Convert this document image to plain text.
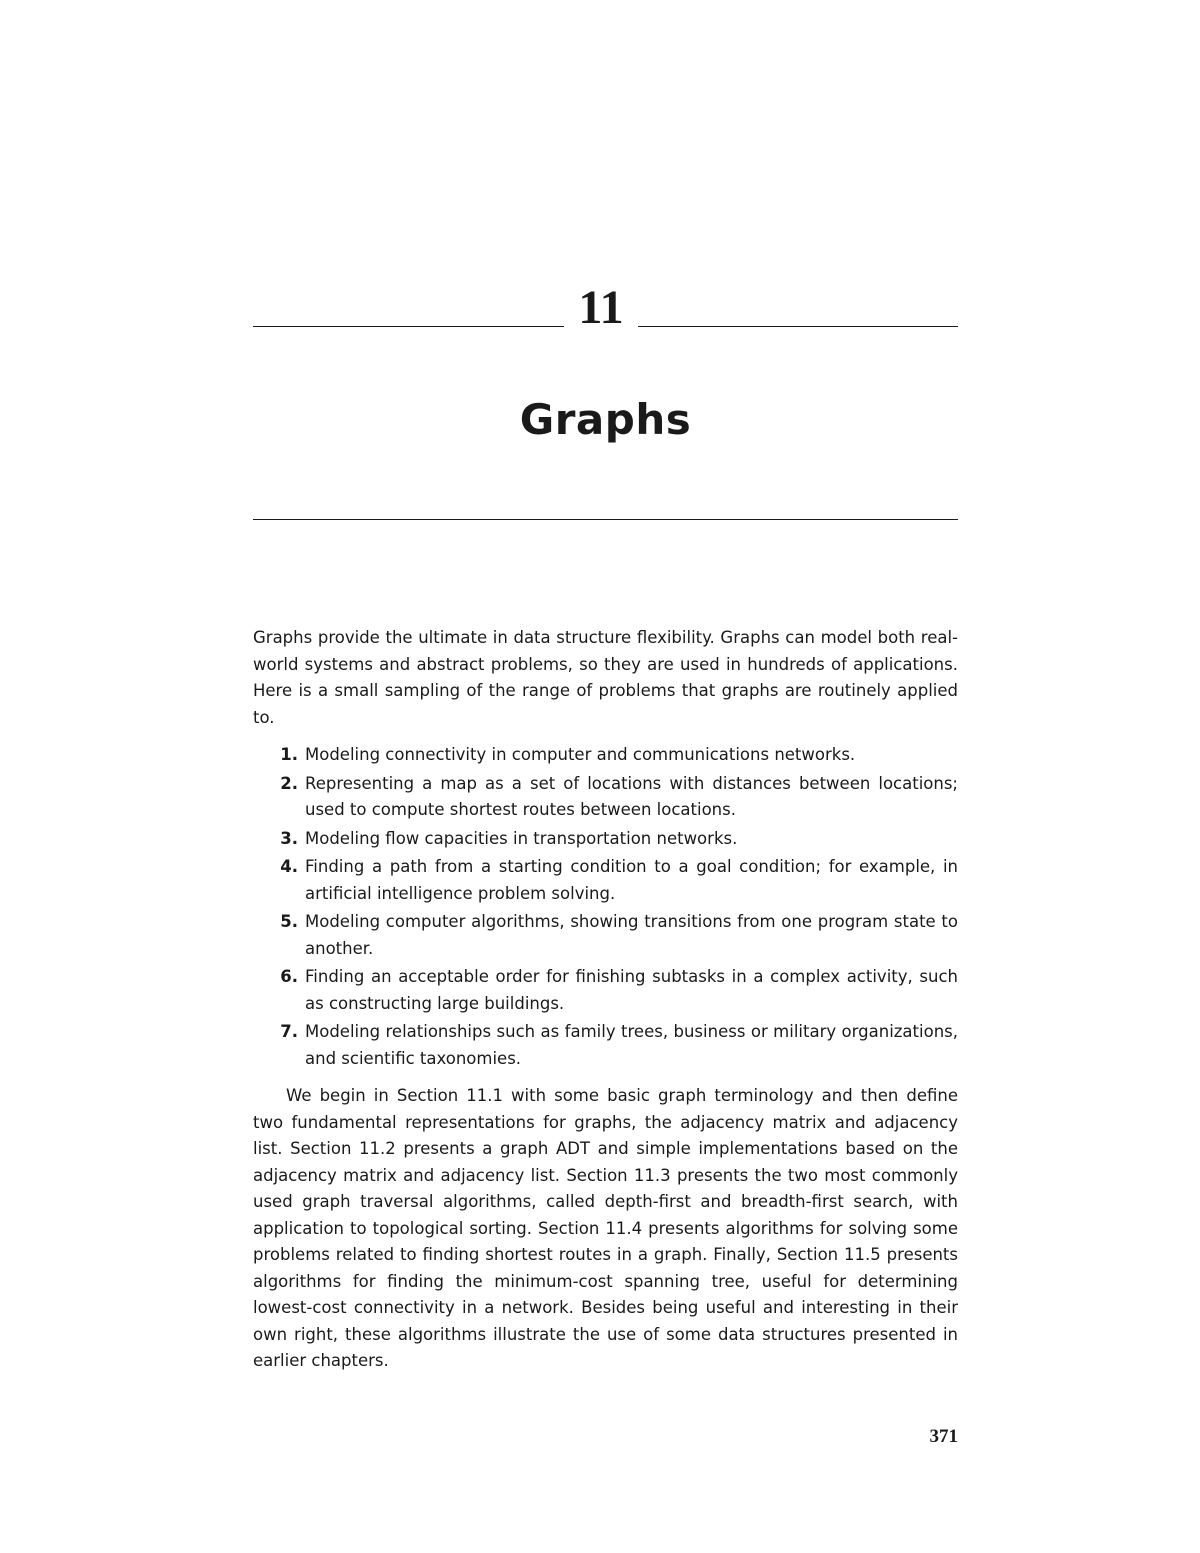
11
Graphs

Graphs provide the ultimate in data structure flexibility. Graphs can model both real-world systems and abstract problems, so they are used in hundreds of applications. Here is a small sampling of the range of problems that graphs are routinely applied to.

1. Modeling connectivity in computer and communications networks.
2. Representing a map as a set of locations with distances between locations; used to compute shortest routes between locations.
3. Modeling flow capacities in transportation networks.
4. Finding a path from a starting condition to a goal condition; for example, in artificial intelligence problem solving.
5. Modeling computer algorithms, showing transitions from one program state to another.
6. Finding an acceptable order for finishing subtasks in a complex activity, such as constructing large buildings.
7. Modeling relationships such as family trees, business or military organizations, and scientific taxonomies.

We begin in Section 11.1 with some basic graph terminology and then define two fundamental representations for graphs, the adjacency matrix and adjacency list. Section 11.2 presents a graph ADT and simple implementations based on the adjacency matrix and adjacency list. Section 11.3 presents the two most commonly used graph traversal algorithms, called depth-first and breadth-first search, with application to topological sorting. Section 11.4 presents algorithms for solving some problems related to finding shortest routes in a graph. Finally, Section 11.5 presents algorithms for finding the minimum-cost spanning tree, useful for determining lowest-cost connectivity in a network. Besides being useful and interesting in their own right, these algorithms illustrate the use of some data structures presented in earlier chapters.

371
